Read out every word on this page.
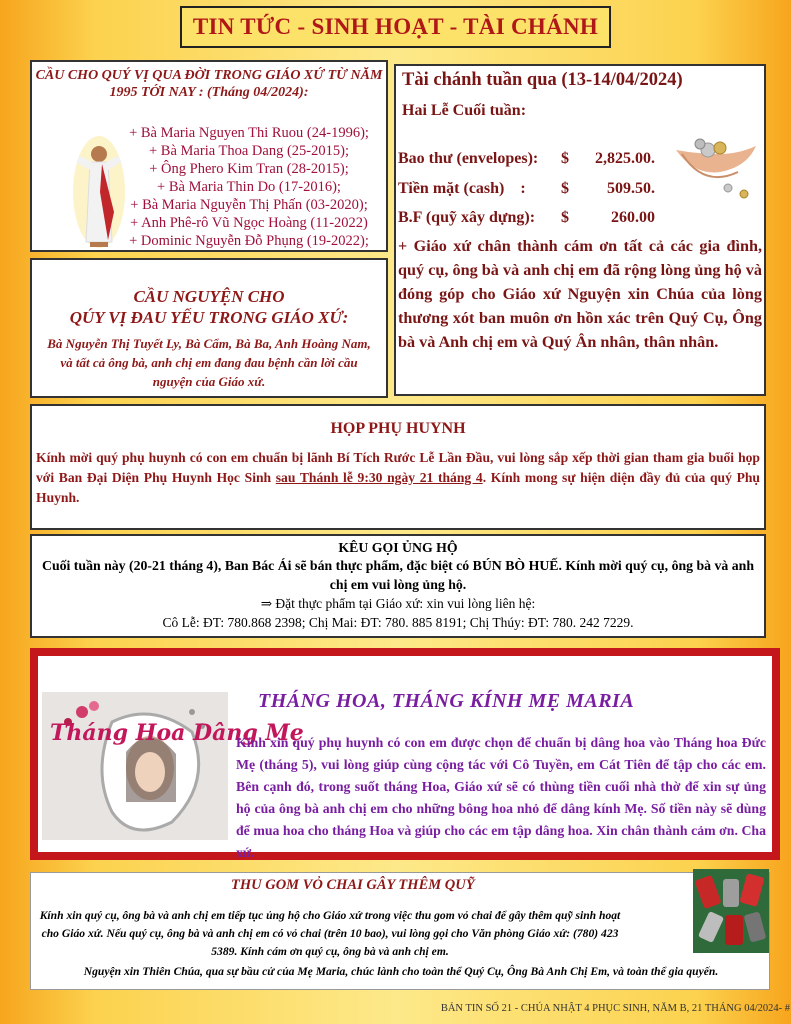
TIN TỨC - SINH HOẠT - TÀI CHÁNH
CẦU CHO QUÝ VỊ QUA ĐỜI TRONG GIÁO XỨ TỪ NĂM 1995 TỚI NAY : (Tháng 04/2024):
+ Bà Maria Nguyen Thi Ruou (24-1996);
+ Bà Maria Thoa Dang (25-2015);
+ Ông Phero Kim Tran (28-2015);
+ Bà Maria Thin Do (17-2016);
+ Bà Maria Nguyễn Thị Phấn (03-2020);
+ Anh Phê-rô Vũ Ngọc Hoàng (11-2022)
+ Dominic Nguyễn Đỗ Phụng (19-2022);
CẦU NGUYỆN CHO
QÚY VỊ ĐAU YẾU TRONG GIÁO XỨ:
Bà Nguyễn Thị Tuyết Ly, Bà Cẩm, Bà Ba, Anh Hoàng Nam, và tất cả ông bà, anh chị em đang đau bệnh cần lời cầu nguyện của Giáo xứ.
Tài chánh tuần qua (13-14/04/2024)
Hai Lễ Cuối tuần:
Bao thư (envelopes): $ 2,825.00.
Tiền mặt (cash)    : $ 509.50.
B.F (quỹ xây dựng): $	260.00
+ Giáo xứ chân thành cám ơn tất cả các gia đình, quý cụ, ông bà và anh chị em đã rộng lòng ủng hộ và đóng góp cho Giáo xứ Nguyện xin Chúa của lòng thương xót ban muôn ơn hồn xác trên Quý Cụ, Ông bà và Anh chị em và Quý Ân nhân, thân nhân.
HỌP PHỤ HUYNH
Kính mời quý phụ huynh có con em chuẩn bị lãnh Bí Tích Rước Lễ Lần Đầu, vui lòng sắp xếp thời gian tham gia buổi họp với Ban Đại Diện Phụ Huynh Học Sinh sau Thánh lễ 9:30 ngày 21 tháng 4. Kính mong sự hiện diện đầy đủ của quý Phụ Huynh.
KÊU GỌI ỦNG HỘ
Cuối tuần này (20-21 tháng 4), Ban Bác Ái sẽ bán thực phẩm, đặc biệt có BÚN BÒ HUẾ. Kính mời quý cụ, ông bà và anh chị em vui lòng ủng hộ.
⇒ Đặt thực phẩm tại Giáo xứ: xin vui lòng liên hệ:
Cô Lễ: ĐT: 780.868 2398; Chị Mai: ĐT: 780. 885 8191; Chị Thúy: ĐT: 780. 242 7229.
Tháng Hoa Dâng Mẹ
THÁNG HOA, THÁNG KÍNH MẸ MARIA
Kính xin quý phụ huynh có con em được chọn để chuẩn bị dâng hoa vào Tháng hoa Đức Mẹ (tháng 5), vui lòng giúp cùng cộng tác với Cô Tuyền, em Cát Tiên để tập cho các em. Bên cạnh đó, trong suốt tháng Hoa, Giáo xứ sẽ có thùng tiền cuối nhà thờ để xin sự ủng hộ của ông bà anh chị em cho những bông hoa nhỏ để dâng kính Mẹ. Số tiền này sẽ dùng để mua hoa cho tháng Hoa và giúp cho các em tập dâng hoa. Xin chân thành cảm ơn. Cha xứ.
THU GOM VỎ CHAI GÂY THÊM QUỸ
Kính xin quý cụ, ông bà và anh chị em tiếp tục ủng hộ cho Giáo xứ trong việc thu gom vỏ chai để gây thêm quỹ sinh hoạt cho Giáo xứ. Nếu quý cụ, ông bà và anh chị em có vỏ chai (trên 10 bao), vui lòng gọi cho Văn phòng Giáo xứ: (780) 423 5389. Kính cám ơn quý cụ, ông bà và anh chị em.
Nguyện xin Thiên Chúa, qua sự bầu cử của Mẹ Maria, chúc lành cho toàn thể Quý Cụ, Ông Bà Anh Chị Em, và toàn thể gia quyến.
BẢN TIN SỐ 21 - CHÚA NHẬT 4 PHỤC SINH, NĂM B, 21 THÁNG 04/2024- #
